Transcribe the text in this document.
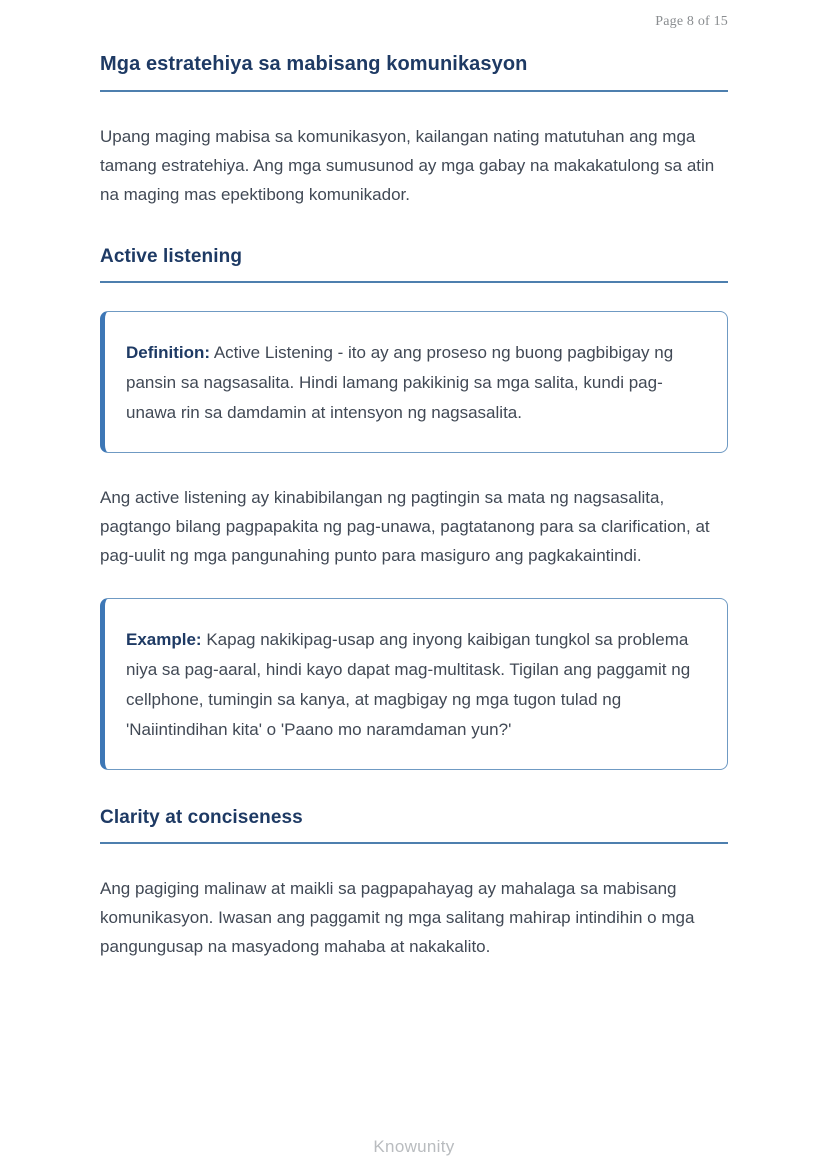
Page 8 of 15
Mga estratehiya sa mabisang komunikasyon

Upang maging mabisa sa komunikasyon, kailangan nating matutuhan ang mga tamang estratehiya. Ang mga sumusunod ay mga gabay na makakatulong sa atin na maging mas epektibong komunikador.

Active listening

Definition: Active Listening - ito ay ang proseso ng buong pagbibigay ng pansin sa nagsasalita. Hindi lamang pakikinig sa mga salita, kundi pag-unawa rin sa damdamin at intensyon ng nagsasalita.

Ang active listening ay kinabibilangan ng pagtingin sa mata ng nagsasalita, pagtango bilang pagpapakita ng pag-unawa, pagtatanong para sa clarification, at pag-uulit ng mga pangunahing punto para masiguro ang pagkakaintindi.

Example: Kapag nakikipag-usap ang inyong kaibigan tungkol sa problema niya sa pag-aaral, hindi kayo dapat mag-multitask. Tigilan ang paggamit ng cellphone, tumingin sa kanya, at magbigay ng mga tugon tulad ng 'Naiintindihan kita' o 'Paano mo naramdaman yun?'

Clarity at conciseness

Ang pagiging malinaw at maikli sa pagpapahayag ay mahalaga sa mabisang komunikasyon. Iwasan ang paggamit ng mga salitang mahirap intindihin o mga pangungusap na masyadong mahaba at nakakalito.

Knowunity
